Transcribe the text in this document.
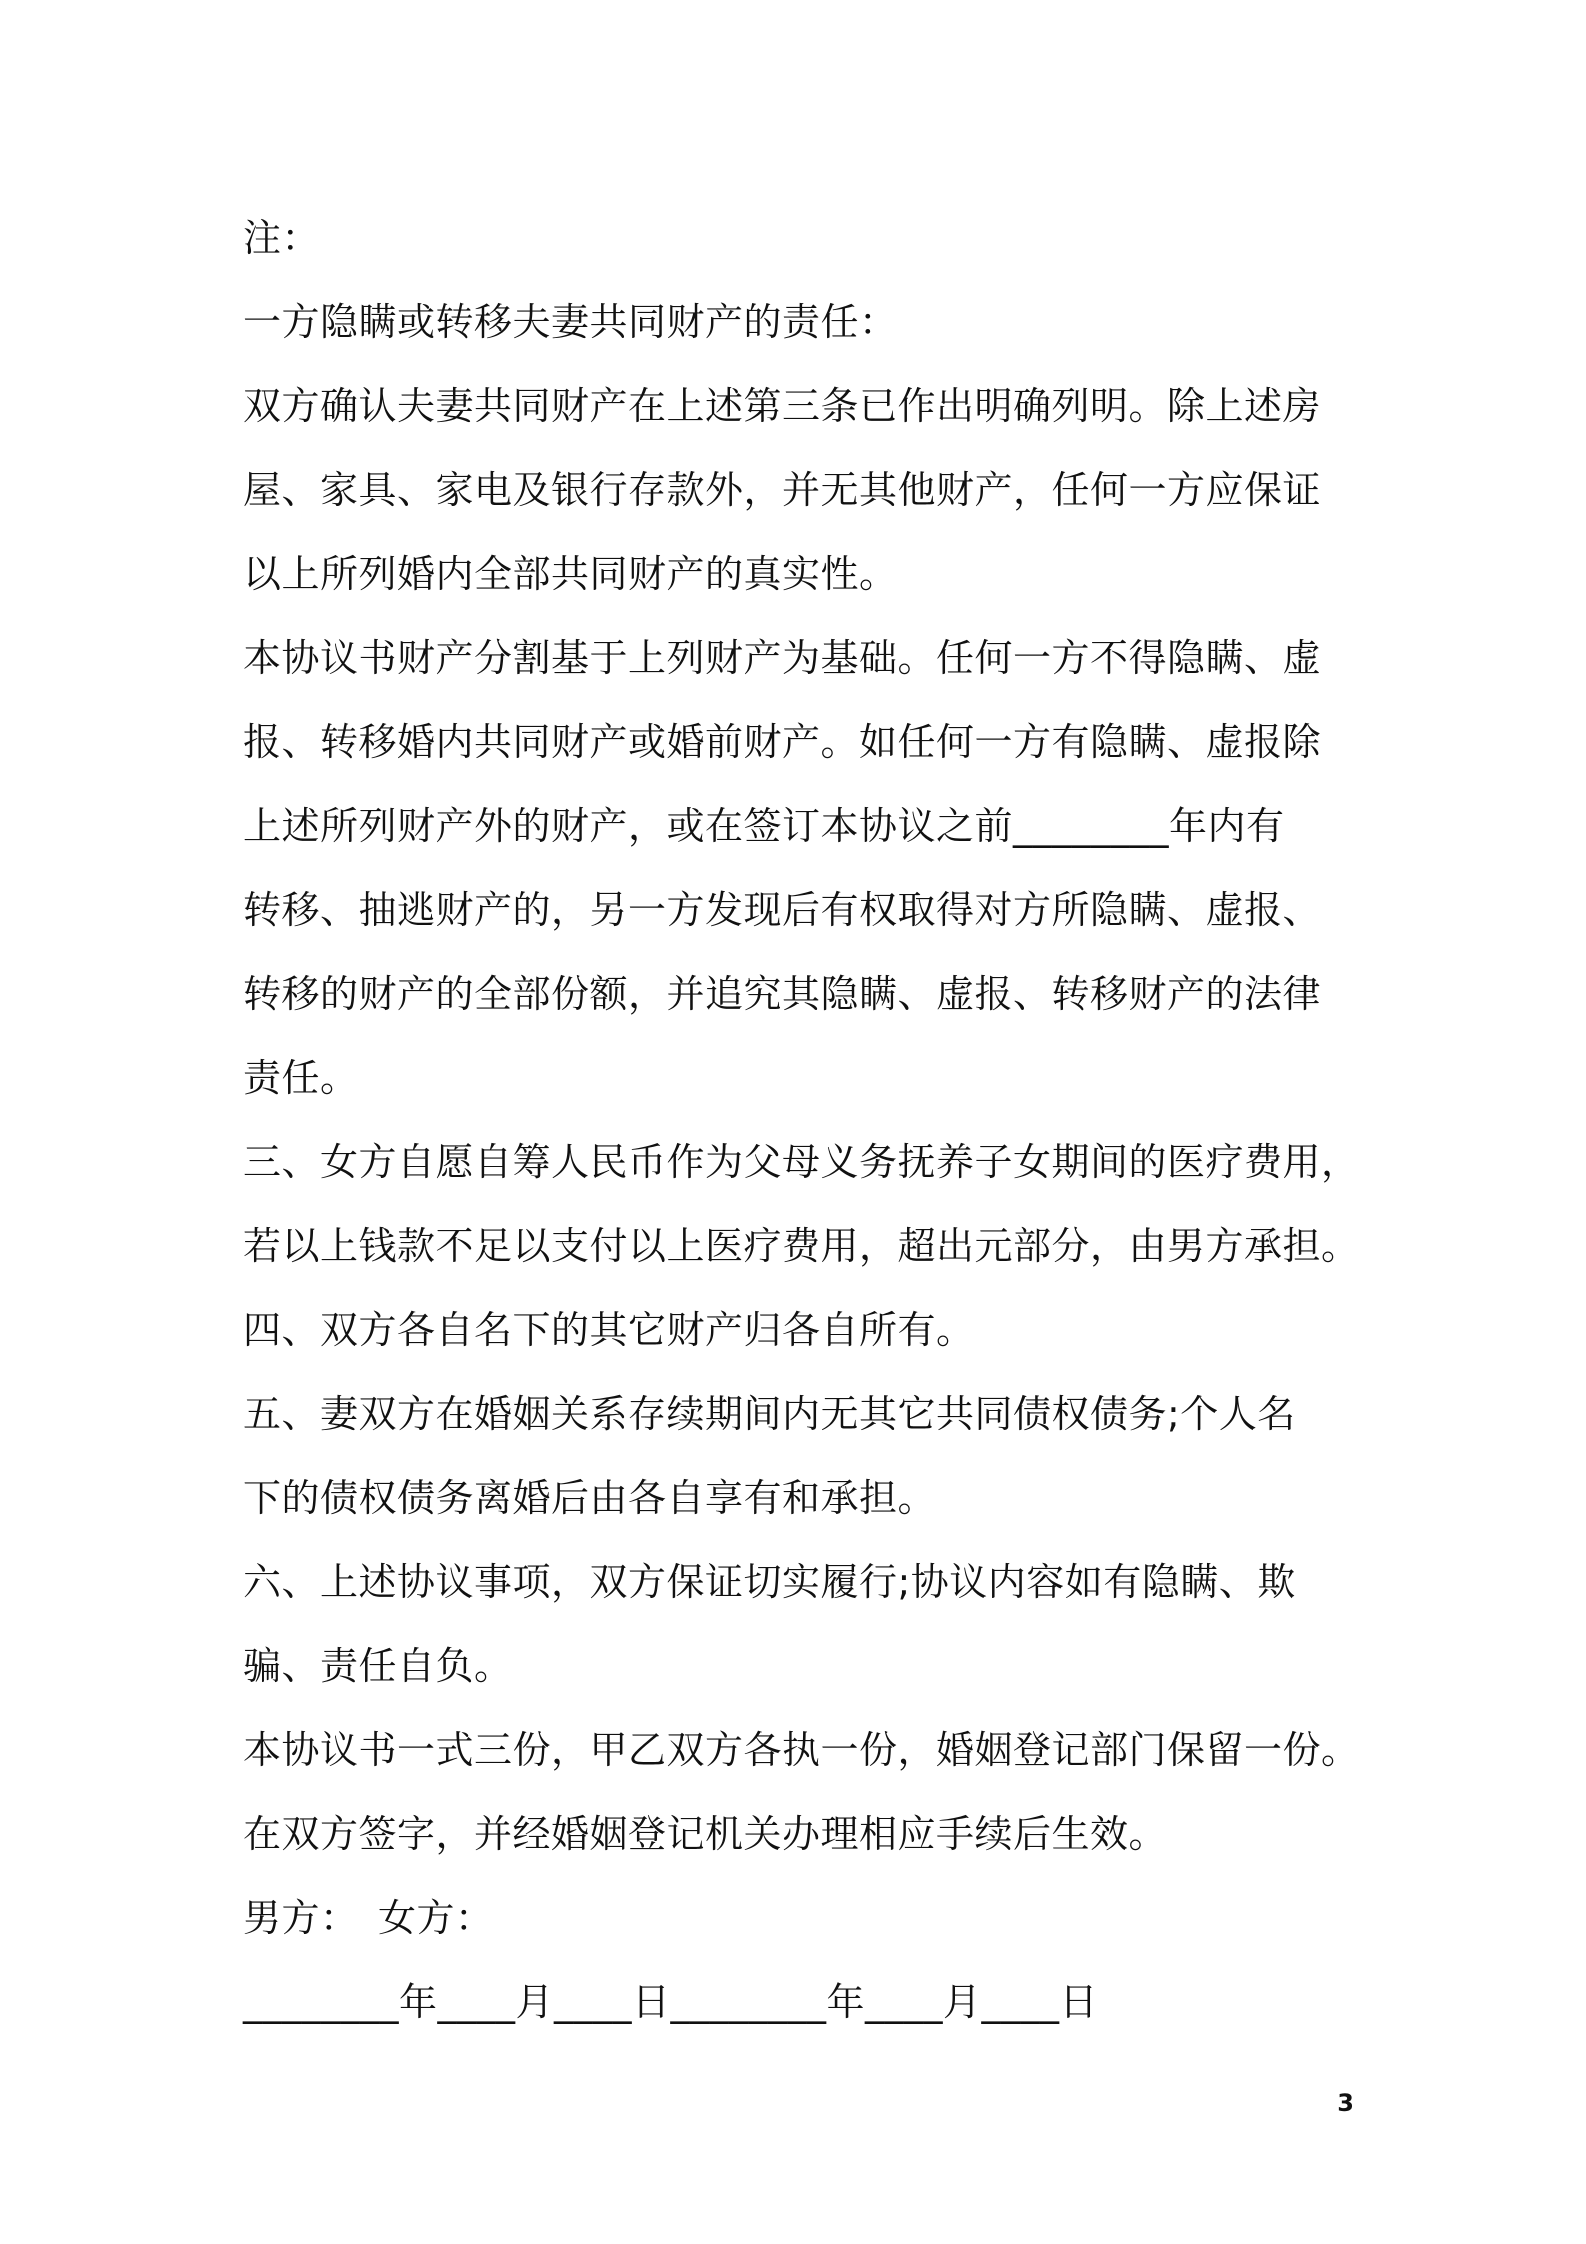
注：
一方隐瞒或转移夫妻共同财产的责任：
双方确认夫妻共同财产在上述第三条已作出明确列明。除上述房
屋、家具、家电及银行存款外，并无其他财产，任何一方应保证
以上所列婚内全部共同财产的真实性。
本协议书财产分割基于上列财产为基础。任何一方不得隐瞒、虚
报、转移婚内共同财产或婚前财产。如任何一方有隐瞒、虚报除
上述所列财产外的财产，或在签订本协议之前________年内有
转移、抽逃财产的，另一方发现后有权取得对方所隐瞒、虚报、
转移的财产的全部份额，并追究其隐瞒、虚报、转移财产的法律
责任。
三、女方自愿自筹人民币作为父母义务抚养子女期间的医疗费用，
若以上钱款不足以支付以上医疗费用，超出元部分，由男方承担。
四、双方各自名下的其它财产归各自所有。
五、妻双方在婚姻关系存续期间内无其它共同债权债务;个人名
下的债权债务离婚后由各自享有和承担。
六、上述协议事项，双方保证切实履行;协议内容如有隐瞒、欺
骗、责任自负。
本协议书一式三份，甲乙双方各执一份，婚姻登记部门保留一份。
在双方签字，并经婚姻登记机关办理相应手续后生效。
男方：　女方：
________年____月____日________年____月____日
3
